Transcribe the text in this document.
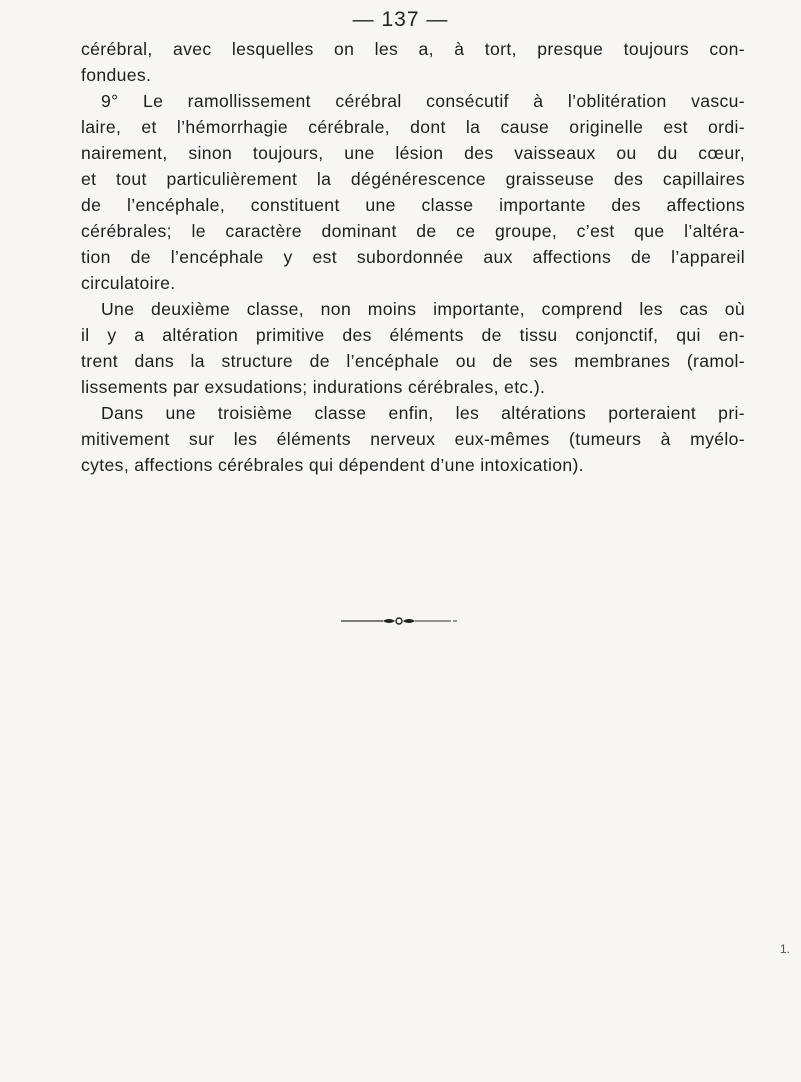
— 137 —
cérébral, avec lesquelles on les a, à tort, presque toujours con-
fondues.
9° Le ramollissement cérébral consécutif à l’oblitération vascu-
laire, et l’hémorrhagie cérébrale, dont la cause originelle est ordi-
nairement, sinon toujours, une lésion des vaisseaux ou du cœur,
et tout particulièrement la dégénérescence graisseuse des capillaires
de l’encéphale, constituent une classe importante des affections
cérébrales; le caractère dominant de ce groupe, c’est que l’altéra-
tion de l’encéphale y est subordonnée aux affections de l’appareil
circulatoire.
Une deuxième classe, non moins importante, comprend les cas où
il y a altération primitive des éléments de tissu conjonctif, qui en-
trent dans la structure de l’encéphale ou de ses membranes (ramol-
lissements par exsudations; indurations cérébrales, etc.).
Dans une troisième classe enfin, les altérations porteraient pri-
mitivement sur les éléments nerveux eux-mêmes (tumeurs à myélo-
cytes, affections cérébrales qui dépendent d’une intoxication).
1.
